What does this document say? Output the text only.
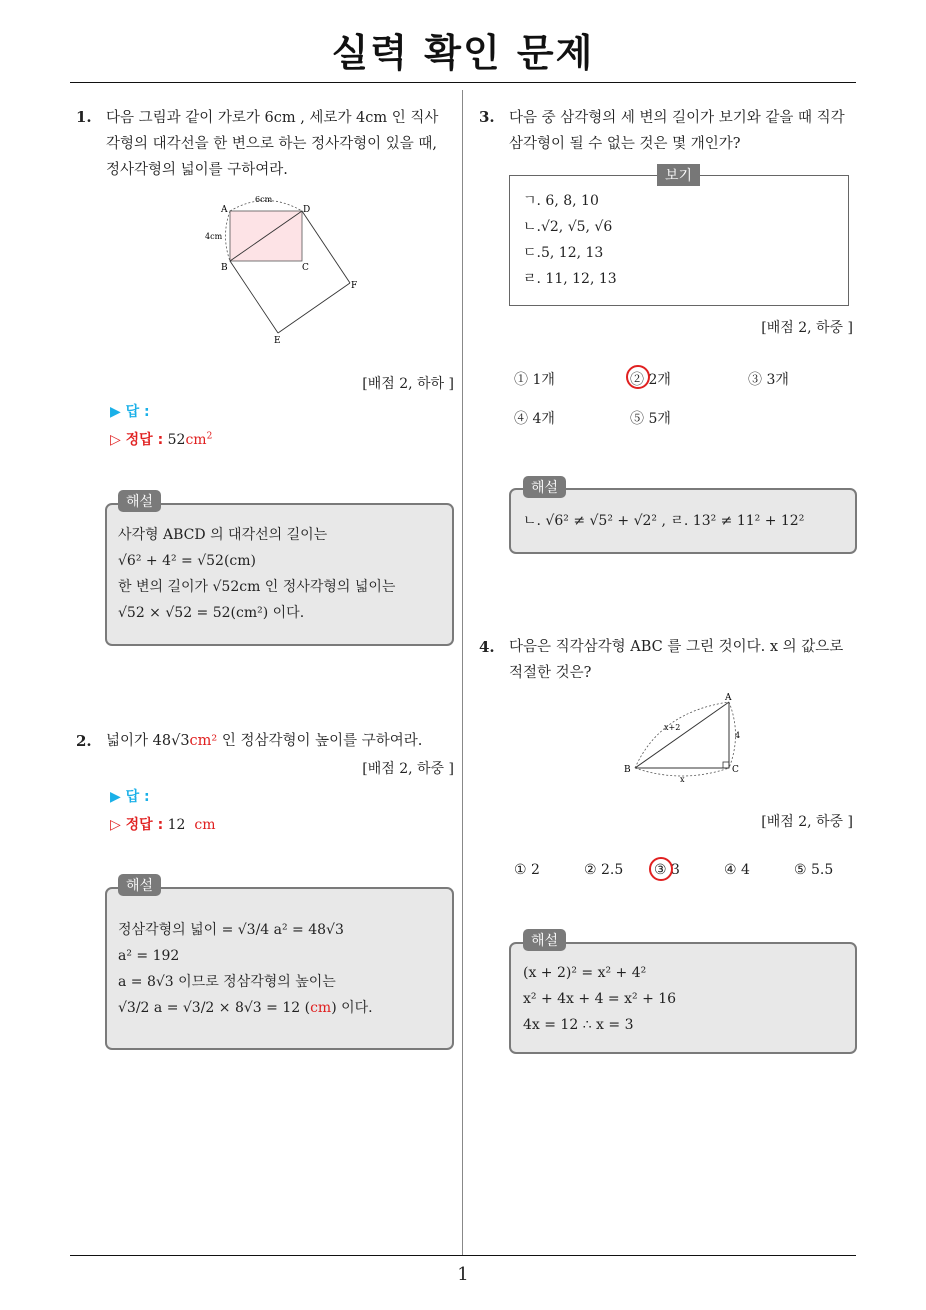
실력 확인 문제
1. 다음 그림과 같이 가로가 6cm , 세로가 4cm 인 직사
각형의 대각선을 한 변으로 하는 정사각형이 있을 때,
정사각형의 넓이를 구하여라.
A
B	C
D
E
F
6cm
4cm
[배점 2, 하하 ]
▶ 답 :
▷ 정답 : $52cm^2$
해설
사각형 ABCD 의 대각선의 길이는
√6² + 4² = √52(cm)
한 변의 길이가 √52cm 인 정사각형의 넓이는
√52 × √52 = 52(cm²) 이다.
2. 넓이가 48√3cm² 인 정삼각형이 높이를 구하여라.
[배점 2, 하중 ]
▶ 답 :
▷ 정답 : 12 cm
해설
정삼각형의 넓이 = √3/4 a² = 48√3
a² = 192
a = 8√3 이므로 정삼각형의 높이는
√3/2 a = √3/2 × 8√3 = 12 (cm) 이다.
3. 다음 중 삼각형의 세 변의 길이가 보기와 같을 때 직각
삼각형이 될 수 없는 것은 몇 개인가?
보기
ㄱ. 6, 8, 10
ㄴ.√2, √5, √6
ㄷ.5, 12, 13
ㄹ. 11, 12, 13
[배점 2, 하중 ]
① 1개	② 2개	③ 3개
④ 4개	⑤ 5개
해설
ㄴ. √6² ≠ √5² + √2² , ㄹ. 13² ≠ 11² + 12²
4. 다음은 직각삼각형 ABC 를 그린 것이다. x 의 값으로
적절한 것은?
A
B	C
x+2
4
x
[배점 2, 하중 ]
① 2	② 2.5 ③ 3	④ 4	⑤ 5.5
해설
(x + 2)² = x² + 4²
x² + 4x + 4 = x² + 16
4x = 12 ∴ x = 3
1
